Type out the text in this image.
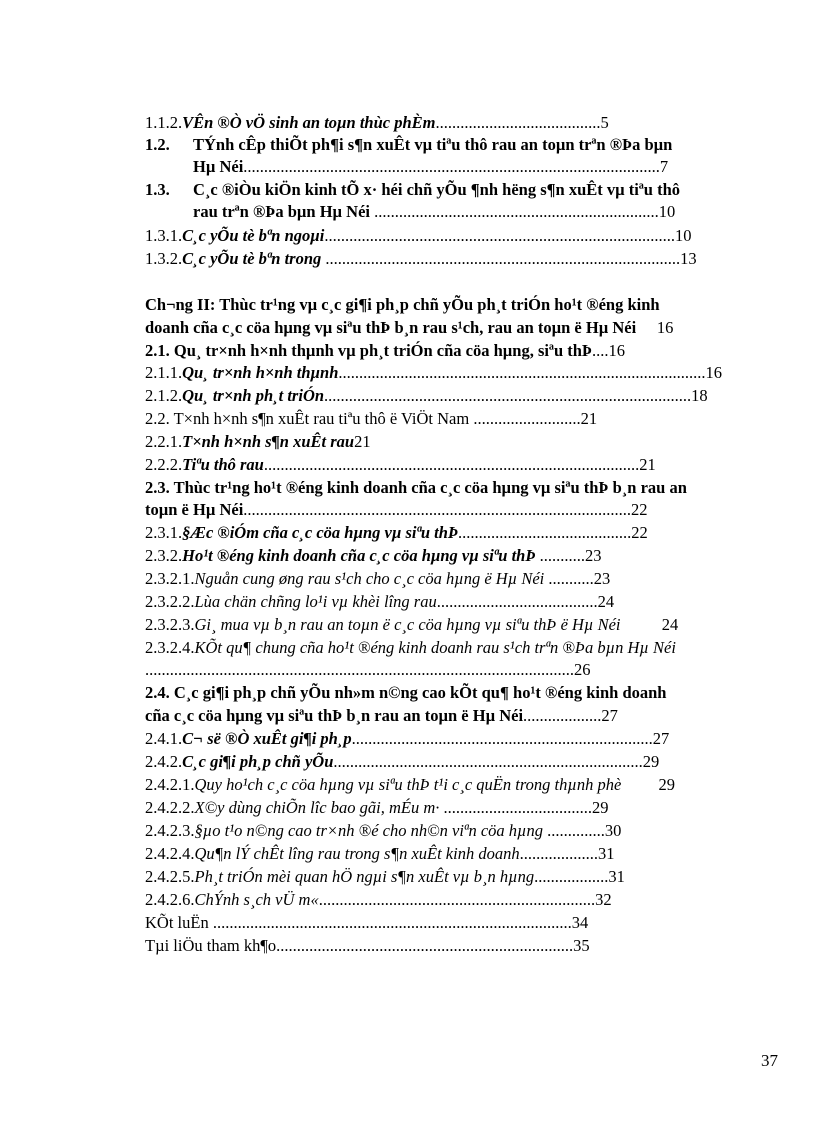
1.1.2.VÊn ®Ò vÖ sinh an toµn thùc phÈm........................................5
1.2.TÝnh cÊp thiÕt ph¶i s¶n xuÊt vµ tiªu thô rau an toµn trªn ®Þa bµn
Hµ Néi.....................................................................................................7
1.3.C¸c ®iÒu kiÖn kinh tÕ x· héi chñ yÕu ¶nh hëng s¶n xuÊt vµ tiªu thô
rau trªn ®Þa bµn Hµ Néi .....................................................................10
1.3.1.C¸c yÕu tè bªn ngoµi.....................................................................................10
1.3.2.C¸c yÕu tè bªn trong ......................................................................................13
Ch¬ng II: Thùc tr¹ng vµ c¸c gi¶i ph¸p chñ yÕu ph¸t triÓn ho¹t ®éng kinh
doanh cña c¸c cöa hµng vµ siªu thÞ b¸n rau s¹ch, rau an toµn ë Hµ Néi 16
2.1. Qu¸ tr×nh h×nh thµnh vµ ph¸t triÓn cña cöa hµng, siªu thÞ....16
2.1.1.Qu¸ tr×nh h×nh thµnh.........................................................................................16
2.1.2.Qu¸ tr×nh ph¸t triÓn.........................................................................................18
2.2. T×nh h×nh s¶n xuÊt rau tiªu thô ë ViÖt Nam ..........................21
2.2.1.T×nh h×nh s¶n xuÊt rau21
2.2.2.Tiªu thô rau...........................................................................................21
2.3. Thùc tr¹ng ho¹t ®éng kinh doanh cña c¸c cöa hµng vµ siªu thÞ b¸n rau an
toµn ë Hµ Néi..............................................................................................22
2.3.1.§Æc ®iÓm cña c¸c cöa hµng vµ siªu thÞ..........................................22
2.3.2.Ho¹t ®éng kinh doanh cña c¸c cöa hµng vµ siªu thÞ ...........23
2.3.2.1.Nguån cung øng rau s¹ch cho c¸c cöa hµng ë Hµ Néi ...........23
2.3.2.2.Lùa chän chñng lo¹i vµ khèi lîng rau.......................................24
2.3.2.3.Gi¸ mua vµ b¸n rau an toµn ë c¸c cöa hµng vµ siªu thÞ ë Hµ Néi	24
2.3.2.4.KÕt qu¶ chung cña ho¹t ®éng kinh doanh rau s¹ch trªn ®Þa bµn Hµ Néi
........................................................................................................26
2.4. C¸c gi¶i ph¸p chñ yÕu nh»m n©ng cao kÕt qu¶ ho¹t ®éng kinh doanh
cña c¸c cöa hµng vµ siªu thÞ b¸n rau an toµn ë Hµ Néi...................27
2.4.1.C¬ së ®Ò xuÊt gi¶i ph¸p.........................................................................27
2.4.2.C¸c gi¶i ph¸p chñ yÕu...........................................................................29
2.4.2.1.Quy ho¹ch c¸c cöa hµng vµ siªu thÞ t¹i c¸c quËn trong thµnh phè 29
2.4.2.2.X©y dùng chiÕn lîc bao gãi, mÉu m· ....................................29
2.4.2.3.§µo t¹o n©ng cao tr×nh ®é cho nh©n viªn cöa hµng ..............30
2.4.2.4.Qu¶n lÝ chÊt lîng rau trong s¶n xuÊt kinh doanh...................31
2.4.2.5.Ph¸t triÓn mèi quan hÖ ngµi s¶n xuÊt vµ b¸n hµng..................31
2.4.2.6.ChÝnh s¸ch vÜ m«...................................................................32
KÕt luËn .......................................................................................34
Tµi liÖu tham kh¶o........................................................................35
37
